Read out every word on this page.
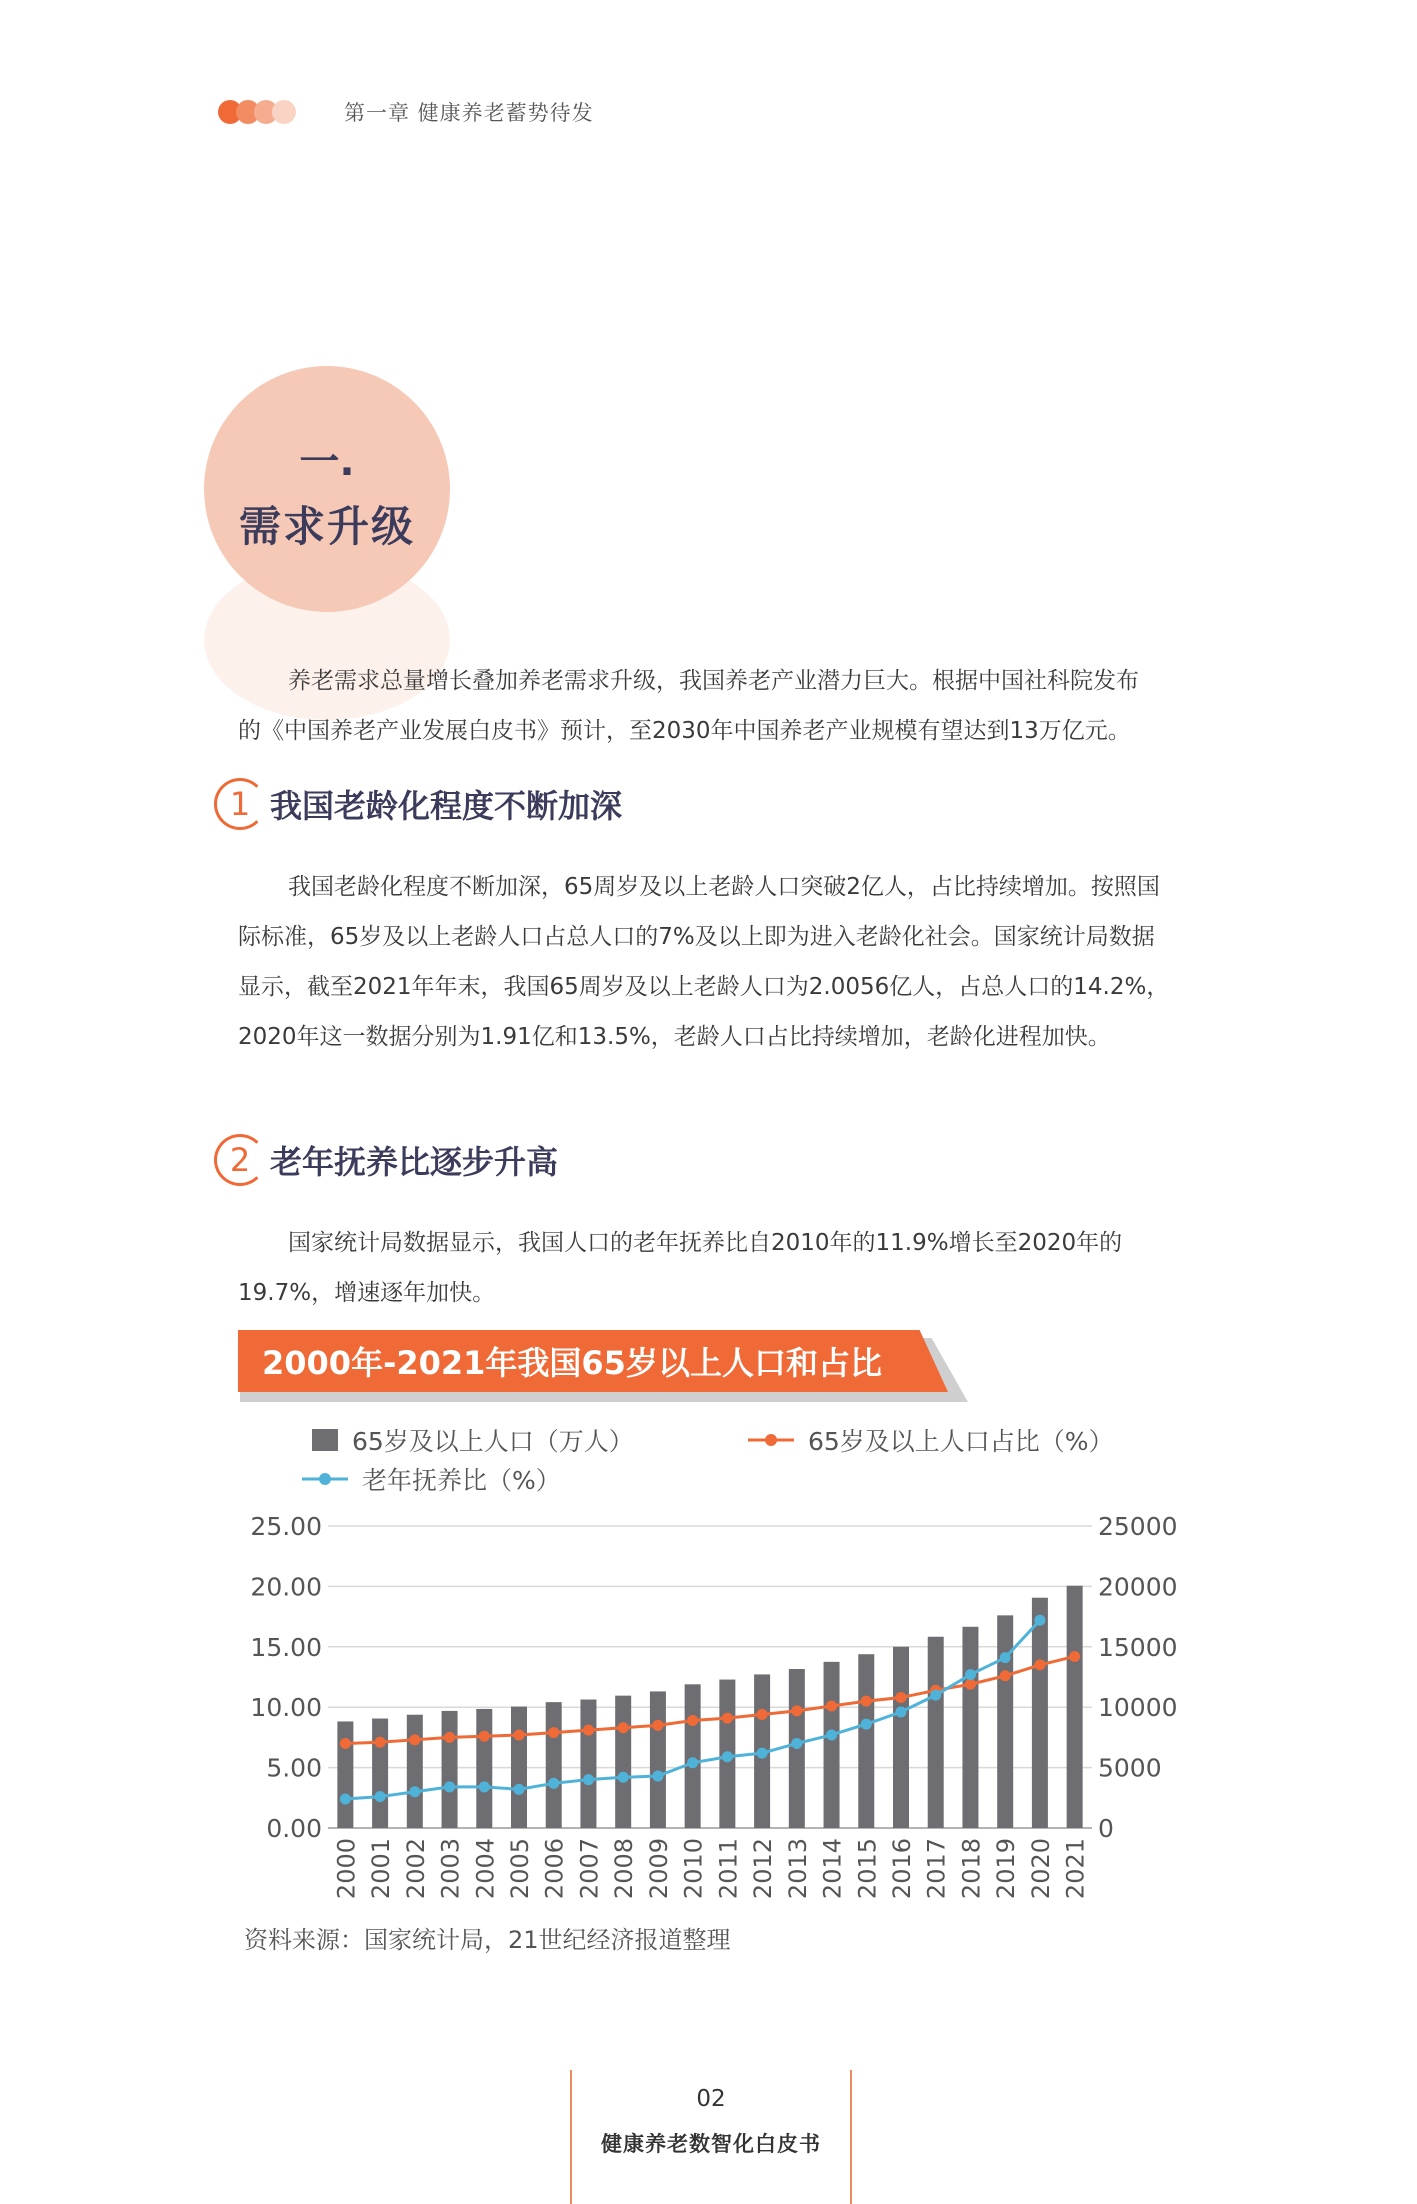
第一章 健康养老蓄势待发
一.
需求升级

养老需求总量增长叠加养老需求升级，我国养老产业潜力巨大。根据中国社科院发布

的《中国养老产业发展白皮书》预计，至2030年中国养老产业规模有望达到13万亿元。

1 我国老龄化程度不断加深

我国老龄化程度不断加深，65周岁及以上老龄人口突破2亿人，占比持续增加。按照国

际标准，65岁及以上老龄人口占总人口的7%及以上即为进入老龄化社会。国家统计局数据

显示，截至2021年年末，我国65周岁及以上老龄人口为2.0056亿人，占总人口的14.2%，

2020年这一数据分别为1.91亿和13.5%，老龄人口占比持续增加，老龄化进程加快。

2 老年抚养比逐步升高

国家统计局数据显示，我国人口的老年抚养比自2010年的11.9%增长至2020年的

19.7%，增速逐年加快。

2000年-2021年我国65岁以上人口和占比
65岁及以上人口（万人）	65岁及以上人口占比（%）
老年抚养比（%）
0.00
5.00
10.00
15.00
20.00
25.00
0
5000
10000
15000
20000
25000
2000 2001 2002 2003 2004 2005 2006 2007 2008 2009 2010 2011 2012 2013 2014 2015 2016 2017 2018 2019 2020 2021
资料来源：国家统计局，21世纪经济报道整理
02
健康养老数智化白皮书
